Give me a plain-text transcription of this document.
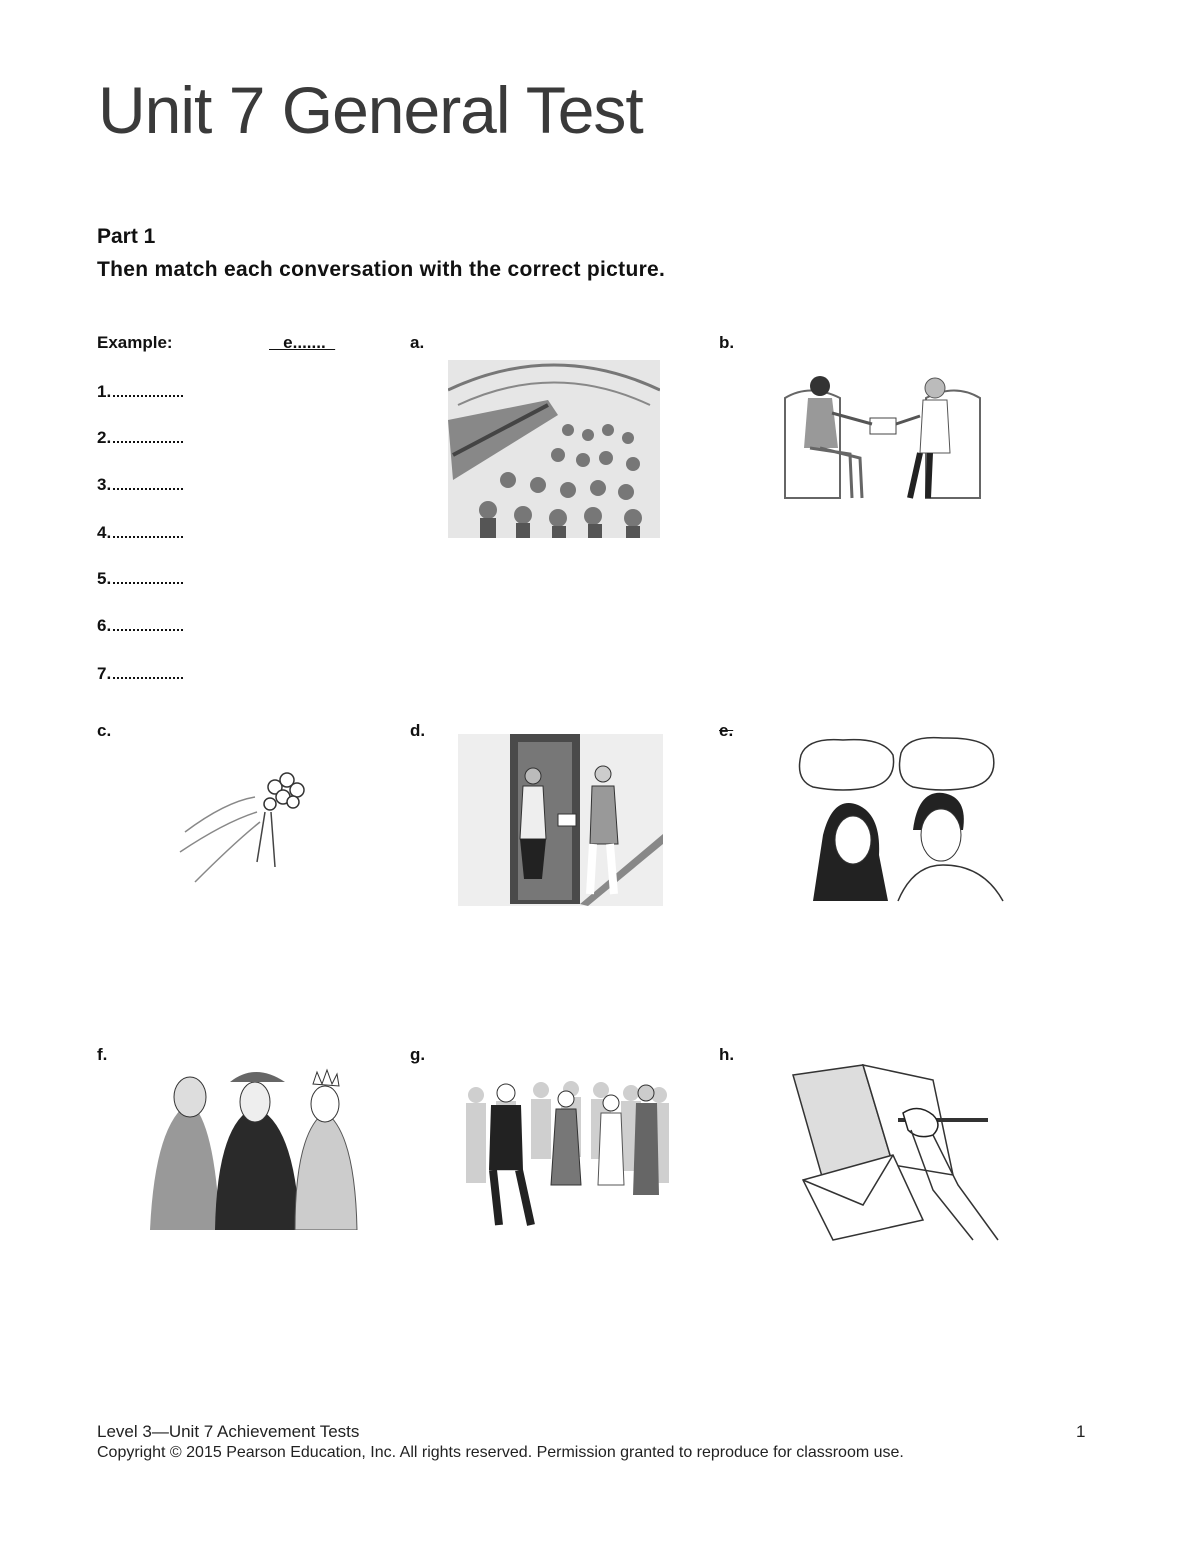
Unit 7 General Test
Part 1
Then match each conversation with the correct picture.
Example:	e.......
1.
2.
3.
4.
5.
6.
7.
a.	b.
c.	d.	e.
f.	g.	h.
Level 3—Unit 7 Achievement Tests	1
Copyright © 2015 Pearson Education, Inc. All rights reserved. Permission granted to reproduce for classroom use.
